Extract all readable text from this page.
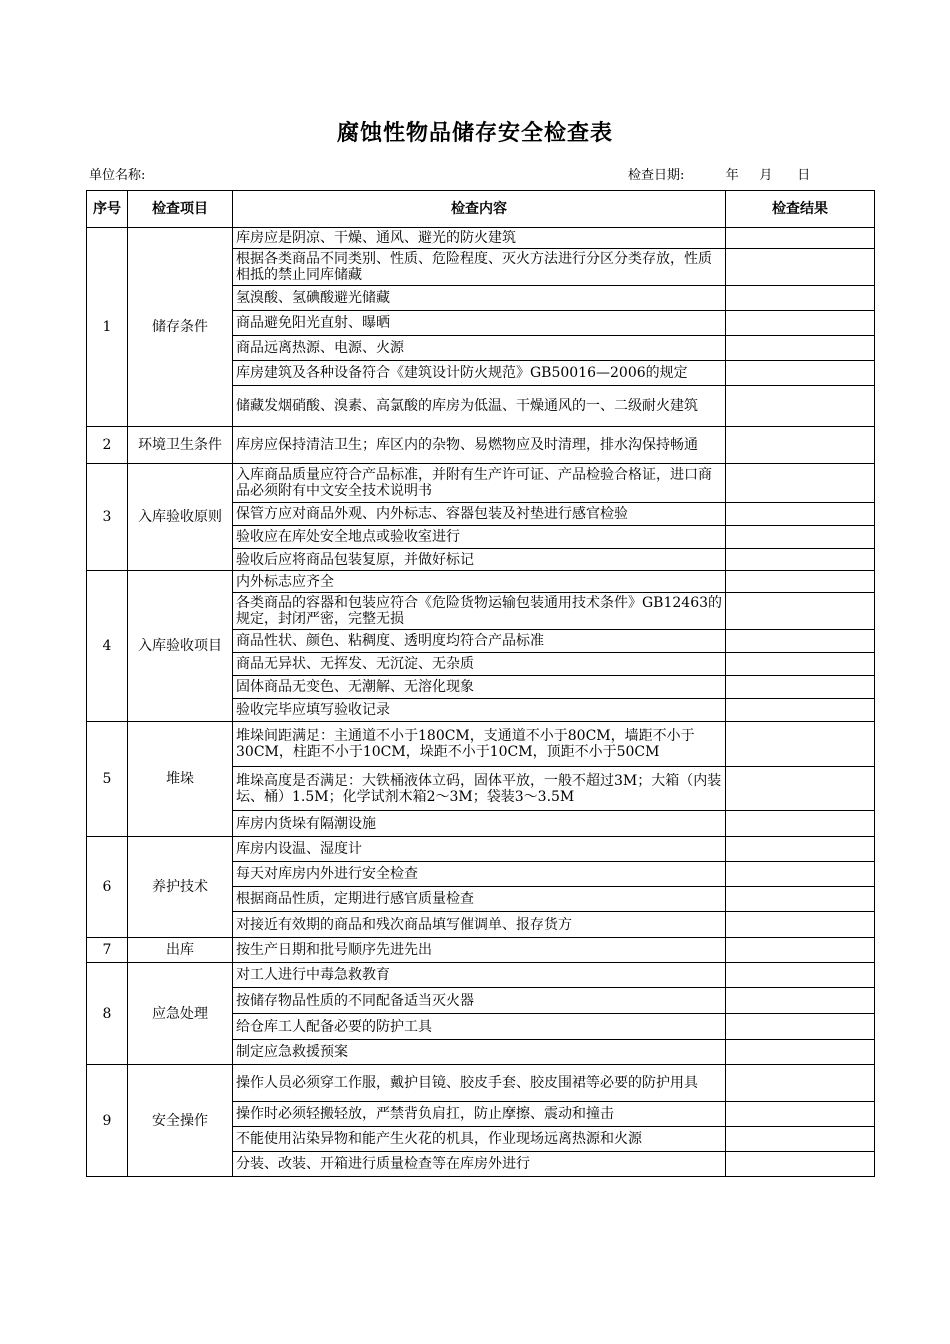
腐蚀性物品储存安全检查表
单位名称:	检查日期:	年 月 日
序号	检查项目	检查内容	检查结果
1	储存条件	库房应是阴凉、干燥、通风、避光的防火建筑	
		根据各类商品不同类别、性质、危险程度、灭火方法进行分区分类存放，性质相抵的禁止同库储藏	
		氢溴酸、氢碘酸避光储藏	
		商品避免阳光直射、曝晒	
		商品远离热源、电源、火源	
		库房建筑及各种设备符合《建筑设计防火规范》GB50016—2006的规定	
		储藏发烟硝酸、溴素、高氯酸的库房为低温、干燥通风的一、二级耐火建筑	
2	环境卫生条件	库房应保持清洁卫生；库区内的杂物、易燃物应及时清理，排水沟保持畅通	
3	入库验收原则	入库商品质量应符合产品标准，并附有生产许可证、产品检验合格证，进口商品必须附有中文安全技术说明书	
		保管方应对商品外观、内外标志、容器包装及衬垫进行感官检验	
		验收应在库处安全地点或验收室进行	
		验收后应将商品包装复原，并做好标记	
4	入库验收项目	内外标志应齐全	
		各类商品的容器和包装应符合《危险货物运输包装通用技术条件》GB12463的规定，封闭严密，完整无损	
		商品性状、颜色、粘稠度、透明度均符合产品标准	
		商品无异状、无挥发、无沉淀、无杂质	
		固体商品无变色、无潮解、无溶化现象	
		验收完毕应填写验收记录	
5	堆垛	堆垛间距满足：主通道不小于180CM，支通道不小于80CM，墙距不小于30CM，柱距不小于10CM，垛距不小于10CM，顶距不小于50CM	
		堆垛高度是否满足：大铁桶液体立码，固体平放，一般不超过3M；大箱（内装坛、桶）1.5M；化学试剂木箱2～3M；袋装3～3.5M	
		库房内货垛有隔潮设施	
6	养护技术	库房内设温、湿度计	
		每天对库房内外进行安全检查	
		根据商品性质，定期进行感官质量检查	
		对接近有效期的商品和残次商品填写催调单、报存货方	
7	出库	按生产日期和批号顺序先进先出	
8	应急处理	对工人进行中毒急救教育	
		按储存物品性质的不同配备适当灭火器	
		给仓库工人配备必要的防护工具	
		制定应急救援预案	
9	安全操作	操作人员必须穿工作服，戴护目镜、胶皮手套、胶皮围裙等必要的防护用具	
		操作时必须轻搬轻放，严禁背负肩扛，防止摩擦、震动和撞击	
		不能使用沾染异物和能产生火花的机具，作业现场远离热源和火源	
		分装、改装、开箱进行质量检查等在库房外进行	
